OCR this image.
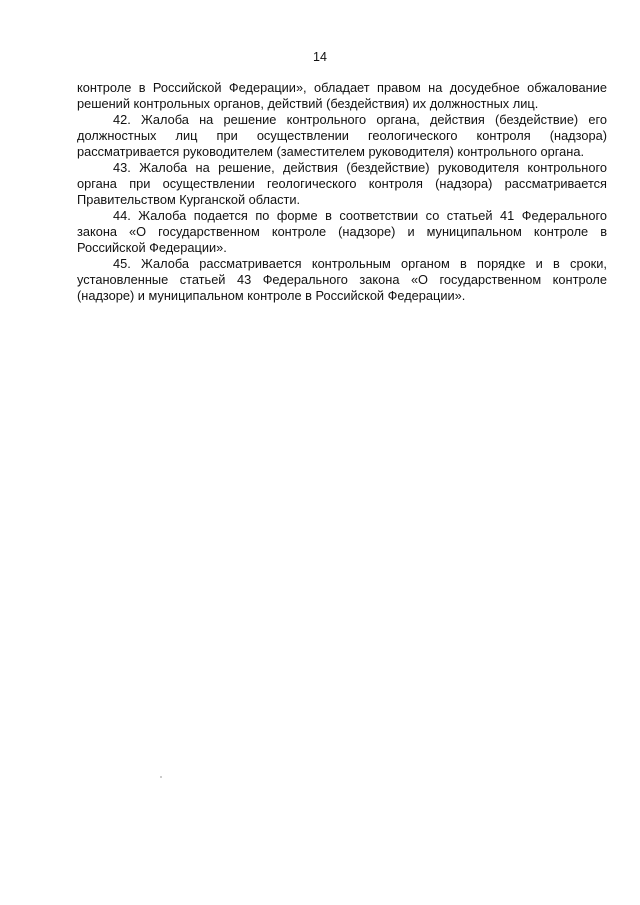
14

контроле в Российской Федерации», обладает правом на досудебное обжалование решений контрольных органов, действий (бездействия) их должностных лиц.

42. Жалоба на решение контрольного органа, действия (бездействие) его должностных лиц при осуществлении геологического контроля (надзора) рассматривается руководителем (заместителем руководителя) контрольного органа.

43. Жалоба на решение, действия (бездействие) руководителя контрольного органа при осуществлении геологического контроля (надзора) рассматривается Правительством Курганской области.

44. Жалоба подается по форме в соответствии со статьей 41 Федерального закона «О государственном контроле (надзоре) и муниципальном контроле в Российской Федерации».

45. Жалоба рассматривается контрольным органом в порядке и в сроки, установленные статьей 43 Федерального закона «О государственном контроле (надзоре) и муниципальном контроле в Российской Федерации».
